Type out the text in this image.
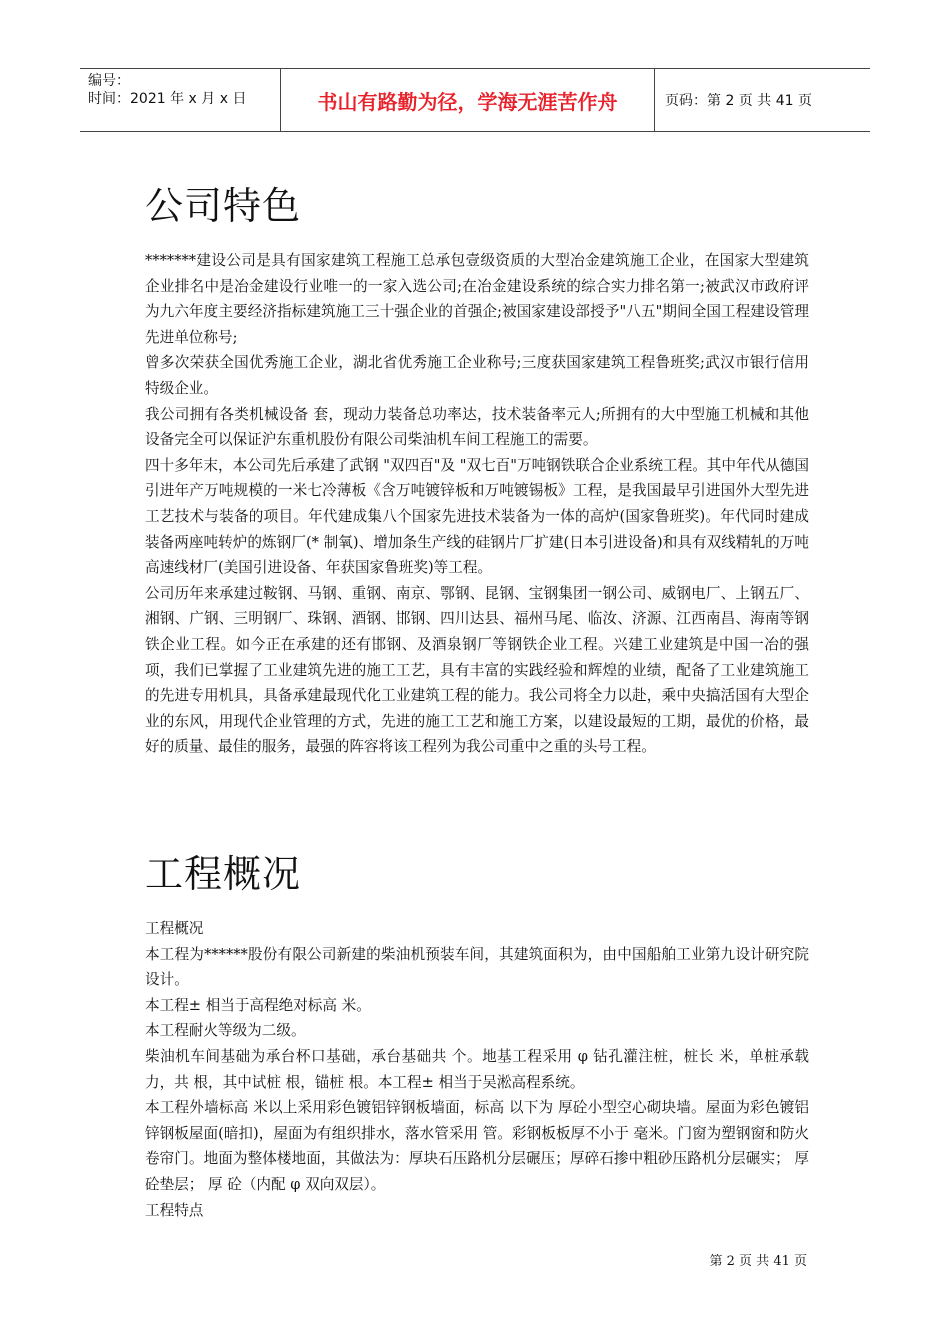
编号：
时间：2021 年 x 月 x 日	书山有路勤为径，学海无涯苦作舟	页码：第 2 页 共 41 页
公司特色

*******建设公司是具有国家建筑工程施工总承包壹级资质的大型冶金建筑施工企业，在国家大型建筑企业排名中是冶金建设行业唯一的一家入选公司;在冶金建设系统的综合实力排名第一;被武汉市政府评为九六年度主要经济指标建筑施工三十强企业的首强企;被国家建设部授予"八五"期间全国工程建设管理先进单位称号;

曾多次荣获全国优秀施工企业，湖北省优秀施工企业称号;三度获国家建筑工程鲁班奖;武汉市银行信用特级企业。

我公司拥有各类机械设备 套，现动力装备总功率达，技术装备率元人;所拥有的大中型施工机械和其他设备完全可以保证沪东重机股份有限公司柴油机车间工程施工的需要。

四十多年末，本公司先后承建了武钢 "双四百"及 "双七百"万吨钢铁联合企业系统工程。其中年代从德国引进年产万吨规模的一米七冷薄板《含万吨镀锌板和万吨镀锡板》工程，是我国最早引进国外大型先进工艺技术与装备的项目。年代建成集八个国家先进技术装备为一体的高炉(国家鲁班奖)。年代同时建成装备两座吨转炉的炼钢厂(* 制氧)、增加条生产线的硅钢片厂扩建(日本引进设备)和具有双线精轧的万吨高速线材厂(美国引进设备、年获国家鲁班奖)等工程。

公司历年来承建过鞍钢、马钢、重钢、南京、鄂钢、昆钢、宝钢集团一钢公司、威钢电厂、上钢五厂、湘钢、广钢、三明钢厂、珠钢、酒钢、邯钢、四川达县、福州马尾、临汝、济源、江西南昌、海南等钢铁企业工程。如今正在承建的还有邯钢、及酒泉钢厂等钢铁企业工程。兴建工业建筑是中国一冶的强项，我们已掌握了工业建筑先进的施工工艺，具有丰富的实践经验和辉煌的业绩，配备了工业建筑施工的先进专用机具，具备承建最现代化工业建筑工程的能力。我公司将全力以赴，乘中央搞活国有大型企业的东风，用现代企业管理的方式，先进的施工工艺和施工方案，以建设最短的工期，最优的价格，最好的质量、最佳的服务，最强的阵容将该工程列为我公司重中之重的头号工程。

工程概况

工程概况

本工程为******股份有限公司新建的柴油机预装车间，其建筑面积为，由中国船舶工业第九设计研究院设计。

本工程± 相当于高程绝对标高 米。

本工程耐火等级为二级。

柴油机车间基础为承台杯口基础，承台基础共 个。地基工程采用 φ 钻孔灌注桩，桩长 米，单桩承载力，共 根，其中试桩 根，锚桩 根。本工程± 相当于吴淞高程系统。

本工程外墙标高 米以上采用彩色镀铝锌钢板墙面，标高 以下为 厚砼小型空心砌块墙。屋面为彩色镀铝锌钢板屋面(暗扣)，屋面为有组织排水，落水管采用 管。彩钢板板厚不小于 毫米。门窗为塑钢窗和防火卷帘门。地面为整体楼地面，其做法为：厚块石压路机分层碾压；厚碎石掺中粗砂压路机分层碾实； 厚 砼垫层； 厚 砼（内配 φ 双向双层）。

工程特点

第 2 页 共 41 页
